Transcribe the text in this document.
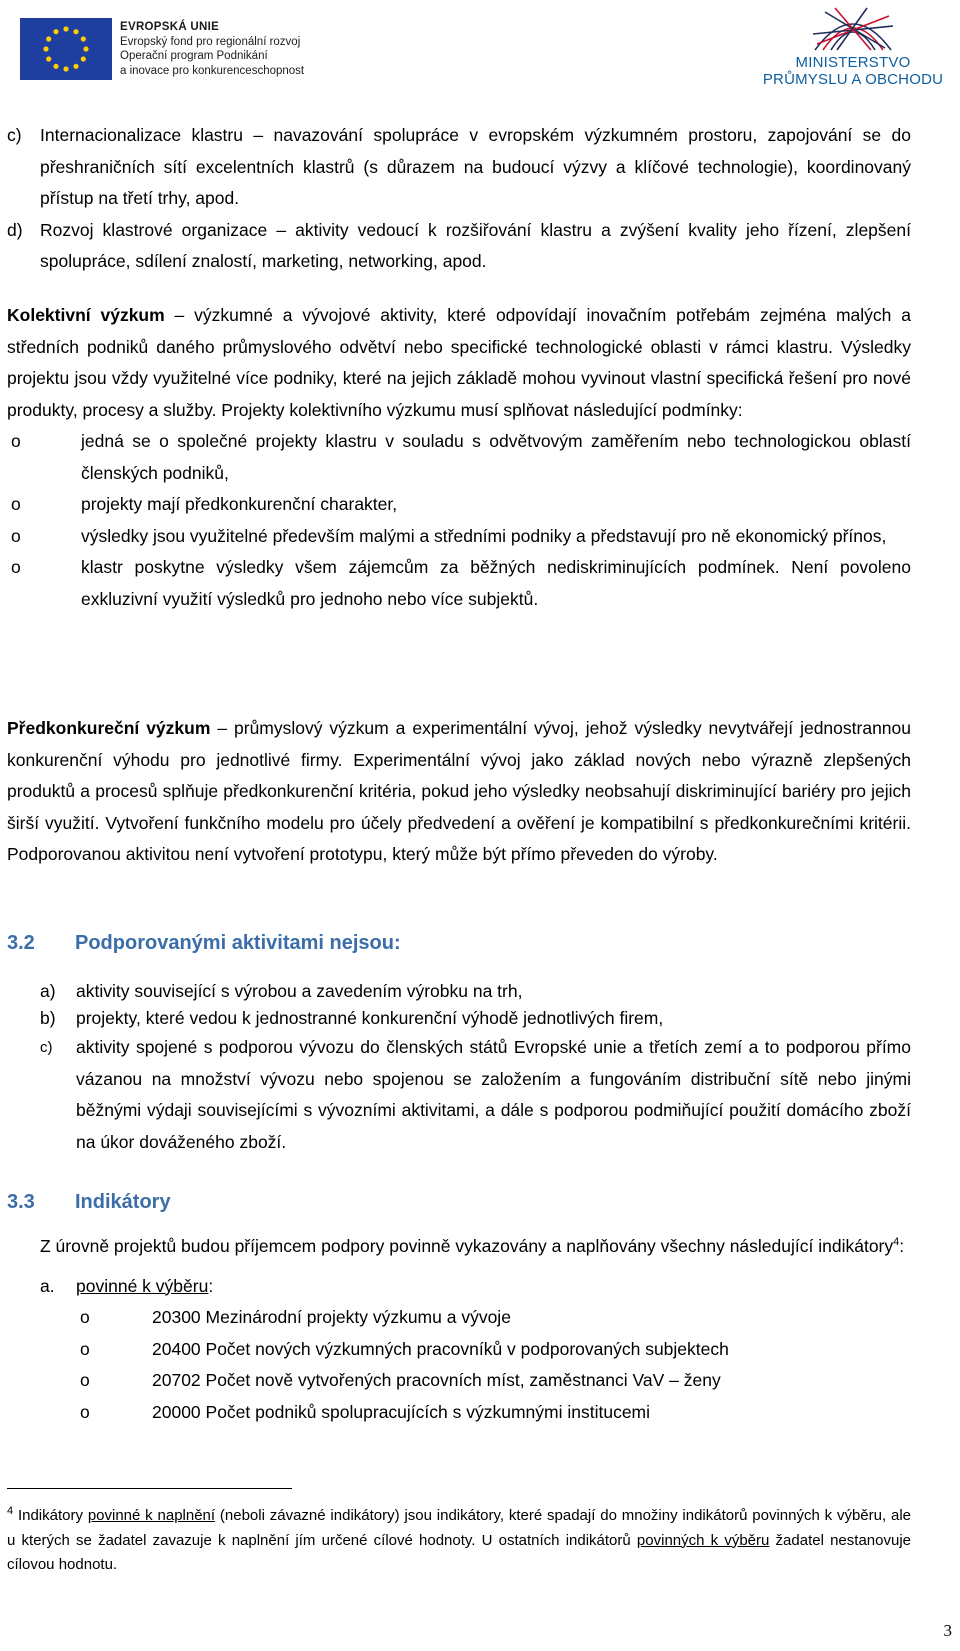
EVROPSKÁ UNIE
Evropský fond pro regionální rozvoj
Operační program Podnikání
a inovace pro konkurenceschopnost	MINISTERSTVO
PRŮMYSLU A OBCHODU
c)	Internacionalizace klastru – navazování spolupráce v evropském výzkumném prostoru, zapojování se do přeshraničních sítí excelentních klastrů (s důrazem na budoucí výzvy a klíčové technologie), koordinovaný přístup na třetí trhy, apod.
d) Rozvoj klastrové organizace – aktivity vedoucí k rozšiřování klastru a zvýšení kvality jeho řízení, zlepšení spolupráce, sdílení znalostí, marketing, networking, apod.

Kolektivní výzkum – výzkumné a vývojové aktivity, které odpovídají inovačním potřebám zejména malých a středních podniků daného průmyslového odvětví nebo specifické technologické oblasti v rámci klastru. Výsledky projektu jsou vždy využitelné více podniky, které na jejich základě mohou vyvinout vlastní specifická řešení pro nové produkty, procesy a služby. Projekty kolektivního výzkumu musí splňovat následující podmínky:

o	jedná se o společné projekty klastru v souladu s odvětvovým zaměřením nebo technologickou oblastí členských podniků,
o	projekty mají předkonkurenční charakter,
o	výsledky jsou využitelné především malými a středními podniky a představují pro ně ekonomický přínos,
o	klastr poskytne výsledky všem zájemcům za běžných nediskriminujících podmínek. Není povoleno exkluzivní využití výsledků pro jednoho nebo více subjektů.

Předkonkureční výzkum – průmyslový výzkum a experimentální vývoj, jehož výsledky nevytvářejí jednostrannou konkurenční výhodu pro jednotlivé firmy. Experimentální vývoj jako základ nových nebo výrazně zlepšených produktů a procesů splňuje předkonkurenční kritéria, pokud jeho výsledky neobsahují diskriminující bariéry pro jejich širší využití. Vytvoření funkčního modelu pro účely předvedení a ověření je kompatibilní s předkonkurečními kritérii. Podporovanou aktivitou není vytvoření prototypu, který může být přímo převeden do výroby.

3.2	Podporovanými aktivitami nejsou:
a)	aktivity související s výrobou a zavedením výrobku na trh,
b)	projekty, které vedou k jednostranné konkurenční výhodě jednotlivých firem,
c)	aktivity spojené s podporou vývozu do členských států Evropské unie a třetích zemí a to podporou přímo vázanou na množství vývozu nebo spojenou se založením a fungováním distribuční sítě nebo jinými běžnými výdaji souvisejícími s vývozními aktivitami, a dále s podporou podmiňující použití domácího zboží na úkor dováženého zboží.
3.3	Indikátory

Z úrovně projektů budou příjemcem podpory povinně vykazovány a naplňovány všechny následující indikátory$^4$:

a.	povinné k výběru:
o	20300 Mezinárodní projekty výzkumu a vývoje
o	20400 Počet nových výzkumných pracovníků v podporovaných subjektech
o	20702 Počet nově vytvořených pracovních míst, zaměstnanci VaV – ženy
o	20000 Počet podniků spolupracujících s výzkumnými institucemi
$^4$ Indikátory povinné k naplnění (neboli závazné indikátory) jsou indikátory, které spadají do množiny indikátorů povinných k výběru, ale u kterých se žadatel zavazuje k naplnění jím určené cílové hodnoty. U ostatních indikátorů povinných k výběru žadatel nestanovuje cílovou hodnotu.
3
